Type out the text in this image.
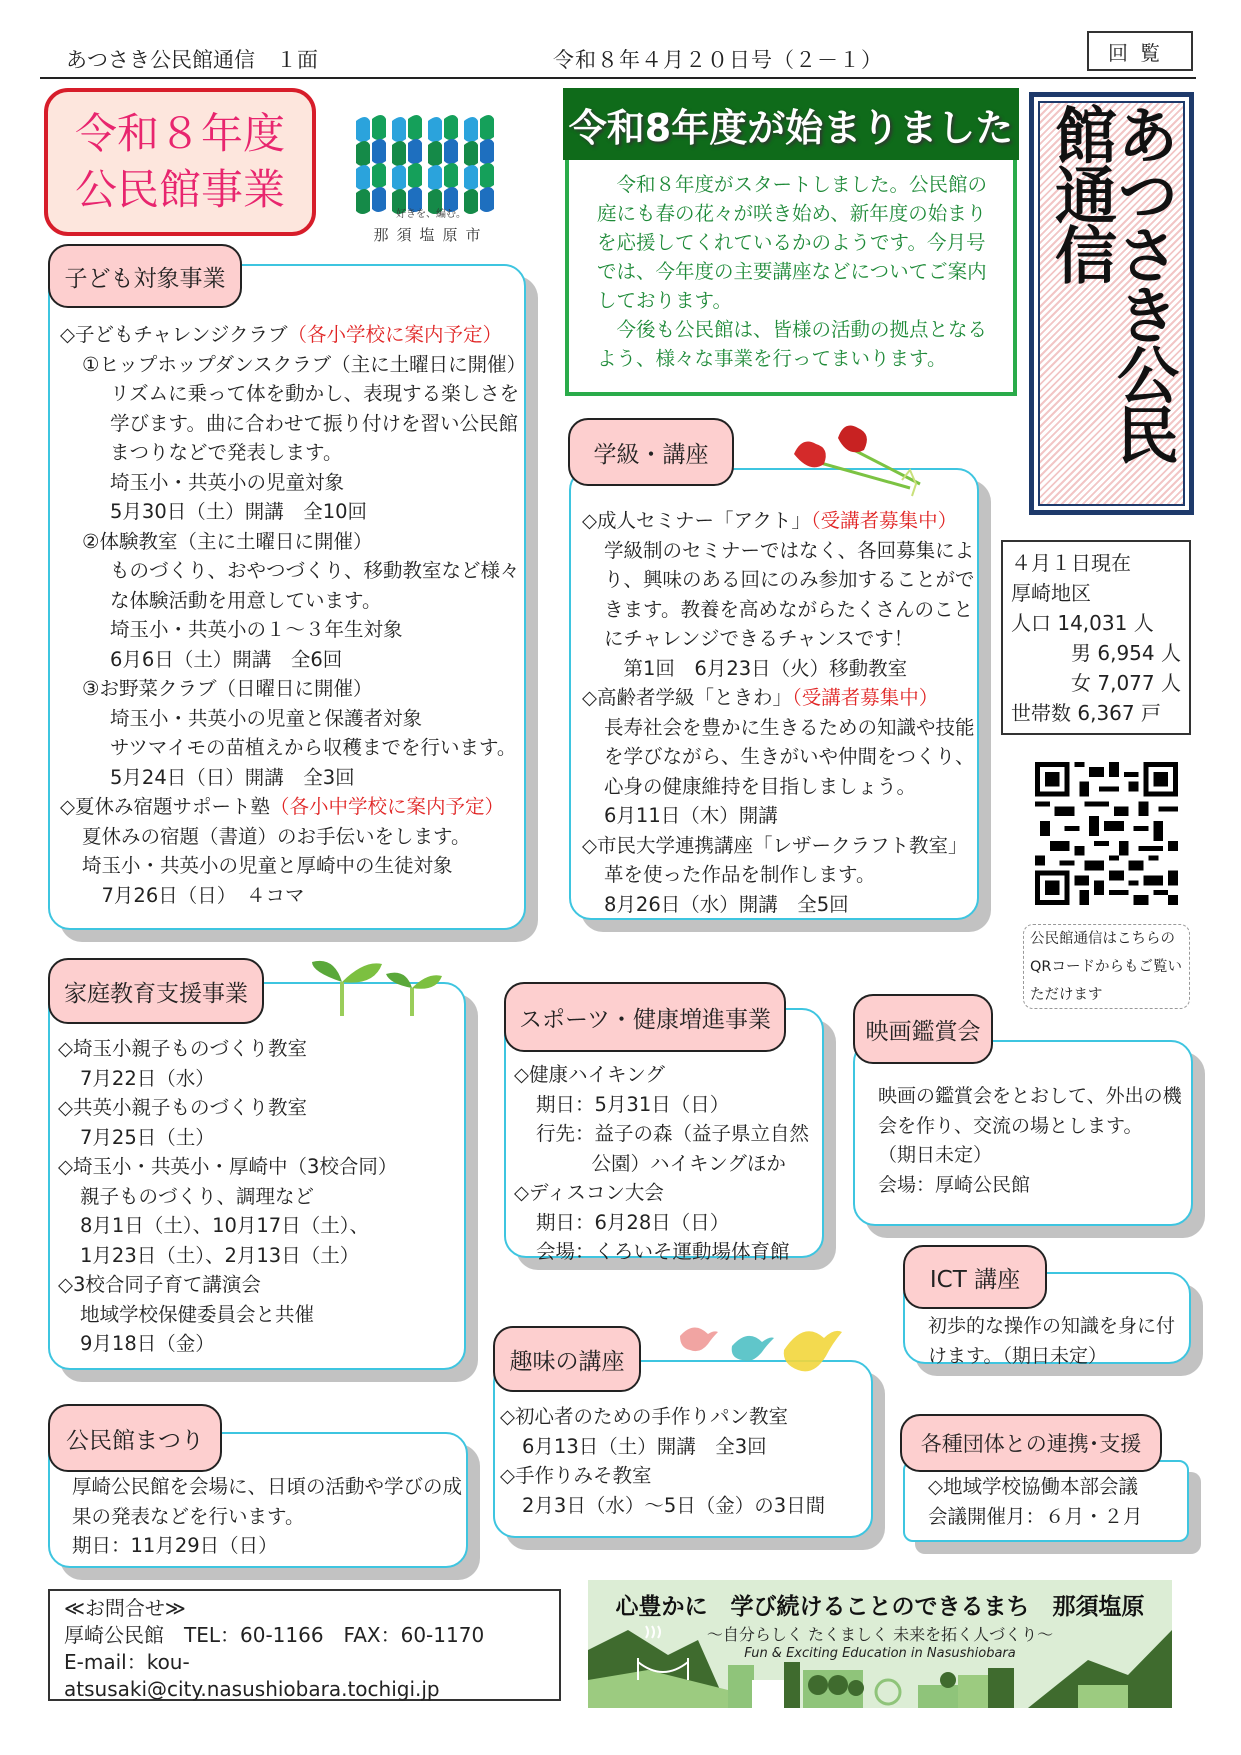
あつさき公民館通信　１面	令和８年４月２０日号（２－１）	回覧
令和８年度
公民館事業
好きを、編む。
那須塩原市
令和8年度が始まりました

令和８年度がスタートしました。公民館の庭にも春の花々が咲き始め、新年度の始まりを応援してくれているかのようです。今月号では、今年度の主要講座などについてご案内しております。

今後も公民館は、皆様の活動の拠点となるよう、様々な事業を行ってまいります。	あつさき公民館通信
４月１日現在
厚崎地区
人口 14,031 人
男 6,954 人
女 7,077 人
世帯数 6,367 戸
公民館通信はこちらのQRコードからもご覧いただけます
子ども対象事業
◇子どもチャレンジクラブ（各小学校に案内予定）
①ヒップホップダンスクラブ（主に土曜日に開催）
リズムに乗って体を動かし、表現する楽しさを学びます。曲に合わせて振り付けを習い公民館まつりなどで発表します。
埼玉小・共英小の児童対象
5月30日（土）開講　全10回
②体験教室（主に土曜日に開催）
ものづくり、おやつづくり、移動教室など様々な体験活動を用意しています。
埼玉小・共英小の１～３年生対象
6月6日（土）開講　全6回
③お野菜クラブ（日曜日に開催）
埼玉小・共英小の児童と保護者対象
サツマイモの苗植えから収穫までを行います。
5月24日（日）開講　全3回
◇夏休み宿題サポート塾（各小中学校に案内予定）
夏休みの宿題（書道）のお手伝いをします。
埼玉小・共英小の児童と厚崎中の生徒対象
　7月26日（日）　４コマ
学級・講座
◇成人セミナー「アクト」（受講者募集中）
学級制のセミナーではなく、各回募集により、興味のある回にのみ参加することができます。教養を高めながらたくさんのことにチャレンジできるチャンスです！
　第1回　6月23日（火）移動教室
◇高齢者学級「ときわ」（受講者募集中）
長寿社会を豊かに生きるための知識や技能を学びながら、生きがいや仲間をつくり、心身の健康維持を目指しましょう。
6月11日（木）開講
◇市民大学連携講座「レザークラフト教室」
革を使った作品を制作します。
8月26日（水）開講　全5回
家庭教育支援事業
◇埼玉小親子ものづくり教室
7月22日（水）
◇共英小親子ものづくり教室
7月25日（土）
◇埼玉小・共英小・厚崎中（3校合同）
親子ものづくり、調理など
8月1日（土）、10月17日（土）、
1月23日（土）、2月13日（土）
◇3校合同子育て講演会
地域学校保健委員会と共催
9月18日（金）
スポーツ・健康増進事業
◇健康ハイキング
期日：5月31日（日）
行先：益子の森（益子県立自然
　公園）ハイキングほか
◇ディスコン大会
期日：6月28日（日）
会場：くろいそ運動場体育館
映画鑑賞会
映画の鑑賞会をとおして、外出の機会を作り、交流の場とします。
（期日未定）
会場：厚崎公民館
ICT 講座
初歩的な操作の知識を身に付けます。（期日未定）
趣味の講座
◇初心者のための手作りパン教室
6月13日（土）開講　全3回
◇手作りみそ教室
2月3日（水）～5日（金）の3日間
公民館まつり
厚崎公民館を会場に、日頃の活動や学びの成果の発表などを行います。
期日：11月29日（日）
各種団体との連携･支援
◇地域学校協働本部会議
会議開催月：６月・２月
≪お問合せ≫
厚崎公民館　TEL：60-1166　FAX：60-1170
E-mail：kou-atsusaki@city.nasushiobara.tochigi.jp
心豊かに　学び続けることのできるまち　那須塩原
～自分らしく たくましく 未来を拓く人づくり～
Fun & Exciting Education in Nasushiobara
